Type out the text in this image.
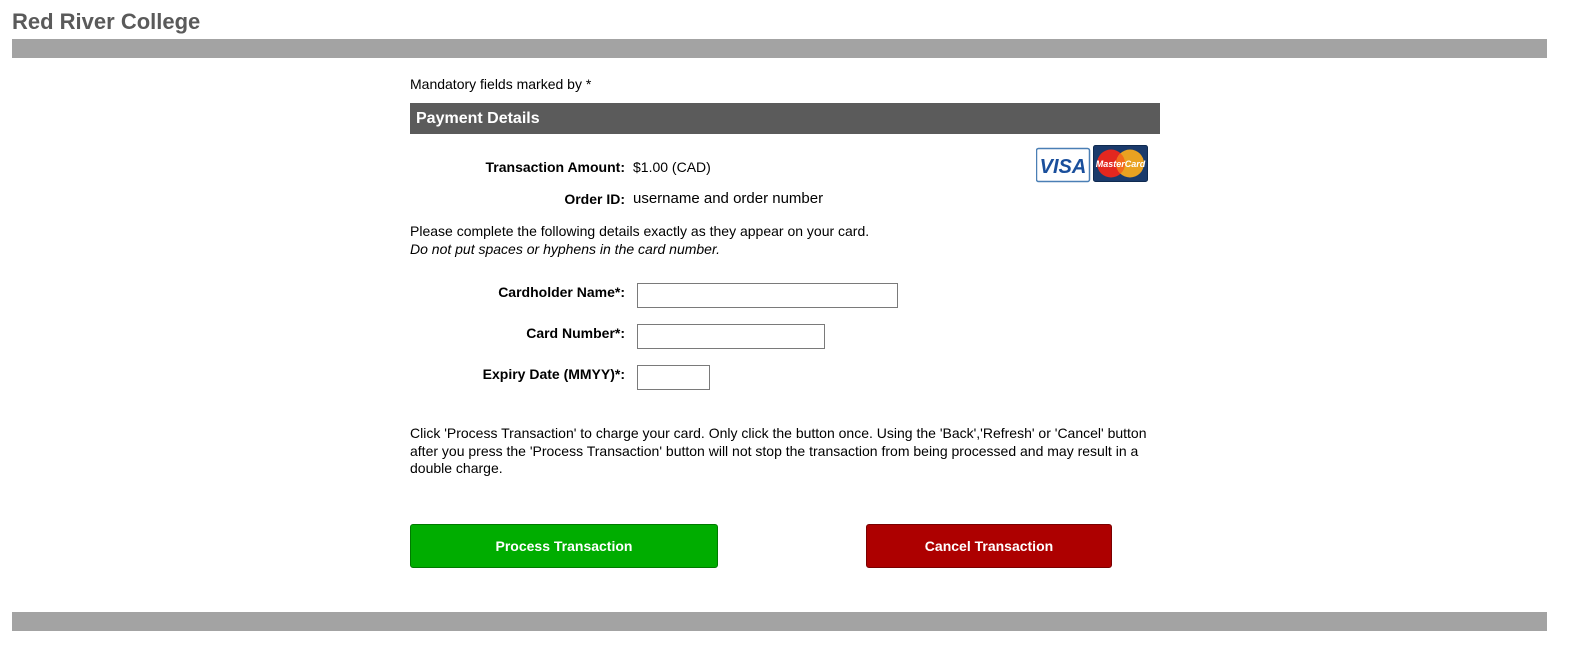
Red River College
Mandatory fields marked by *
Payment Details
Transaction Amount: $1.00 (CAD)
Order ID: username and order number
VISA MasterCard
Please complete the following details exactly as they appear on your card.
Do not put spaces or hyphens in the card number.
Cardholder Name*:
Card Number*:
Expiry Date (MMYY)*:
Click 'Process Transaction' to charge your card. Only click the button once. Using the 'Back','Refresh' or 'Cancel' button after you press the 'Process Transaction' button will not stop the transaction from being processed and may result in a double charge.
Process Transaction	Cancel Transaction
